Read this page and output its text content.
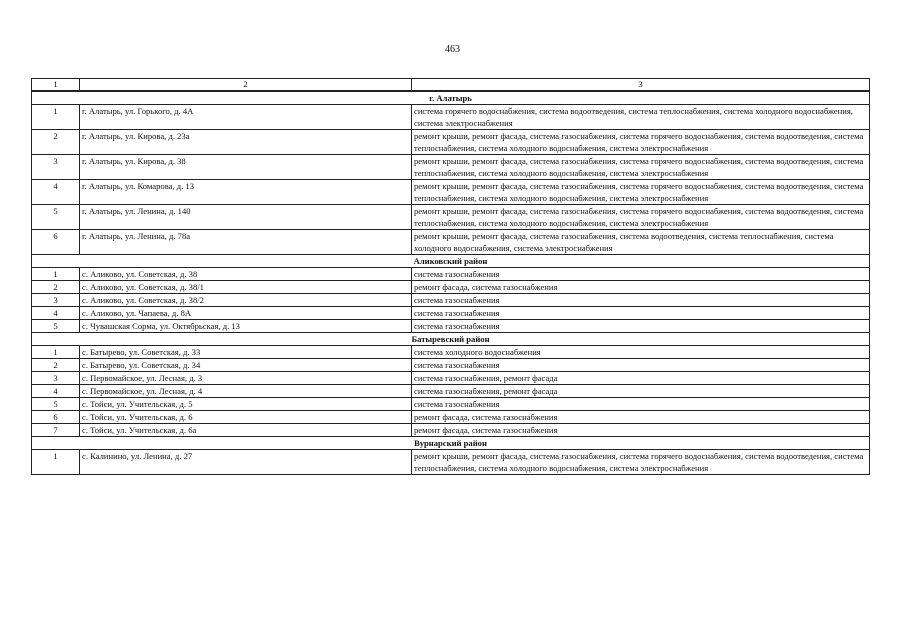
463
1	2	3
г. Алатырь		
1	г. Алатырь, ул. Горького, д. 4А	система горячего водоснабжения, система водоотведения, система теплоснабжения, система холодного водоснабжения, система электроснабжения
2	г. Алатырь, ул. Кирова, д. 23а	ремонт крыши, ремонт фасада, система газоснабжения, система горячего водоснабжения, система водоотведения, система теплоснабжения, система холодного водоснабжения, система электроснабжения
3	г. Алатырь, ул. Кирова, д. 38	ремонт крыши, ремонт фасада, система газоснабжения, система горячего водоснабжения, система водоотведения, система теплоснабжения, система холодного водоснабжения, система электроснабжения
4	г. Алатырь, ул. Комарова, д. 13	ремонт крыши, ремонт фасада, система газоснабжения, система горячего водоснабжения, система водоотведения, система теплоснабжения, система холодного водоснабжения, система электроснабжения
5	г. Алатырь, ул. Ленина, д. 140	ремонт крыши, ремонт фасада, система газоснабжения, система горячего водоснабжения, система водоотведения, система теплоснабжения, система холодного водоснабжения, система электроснабжения
6	г. Алатырь, ул. Ленина, д. 78а	ремонт крыши, ремонт фасада, система газоснабжения, система водоотведения, система теплоснабжения, система холодного водоснабжения, система электроснабжения
Аликовский район		
1	с. Аликово, ул. Советская, д. 38	система газоснабжения
2	с. Аликово, ул. Советская, д. 38/1	ремонт фасада, система газоснабжения
3	с. Аликово, ул. Советская, д. 38/2	система газоснабжения
4	с. Аликово, ул. Чапаева, д. 8А	система газоснабжения
5	с. Чувашская Сорма, ул. Октябрьская, д. 13	система газоснабжения
Батыревский район		
1	с. Батырево, ул. Советская, д. 33	система холодного водоснабжения
2	с. Батырево, ул. Советская, д. 34	система газоснабжения
3	с. Первомайское, ул. Лесная, д. 3	система газоснабжения, ремонт фасада
4	с. Первомайское, ул. Лесная, д. 4	система газоснабжения, ремонт фасада
5	с. Тойси, ул. Учительская, д. 5	система газоснабжения
6	с. Тойси, ул. Учительская, д. 6	ремонт фасада, система газоснабжения
7	с. Тойси, ул. Учительская, д. 6а	ремонт фасада, система газоснабжения
Вурнарский район		
1	с. Калинино, ул. Ленина, д. 27	ремонт крыши, ремонт фасада, система газоснабжения, система горячего водоснабжения, система водоотведения, система теплоснабжения, система холодного водоснабжения, система электроснабжения
